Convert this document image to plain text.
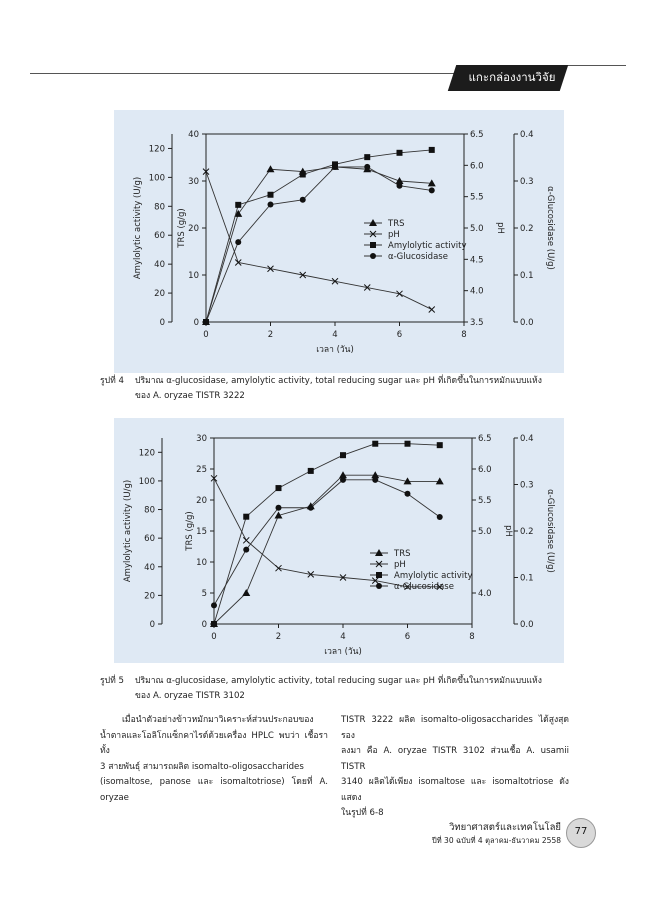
แกะกล่องงานวิจัย
0	2	4	6	8
เวลา (วัน)
0
20
40
60
80
100
120
Amylolytic activity (U/g)
0
10
20
30
40
TRS (g/g)
3.5
4.0
4.5
5.0
5.5
6.0
6.5
pH
0.0
0.1
0.2
0.3
0.4
α-Glucosidase (U/g)
TRS
pH
Amylolytic activity
α-Glucosidase
รูปที่ 4 ปริมาณ α-glucosidase, amylolytic activity, total reducing sugar และ pH ที่เกิดขึ้นในการหมักแบบแห้ง
ของ A. oryzae TISTR 3222
0	2	4	6	8
เวลา (วัน)
0
20
40
60
80
100
120
Amylolytic activity (U/g)
0
5
10
15
20
25
30
TRS (g/g)
4.0
5.0
5.5
6.0
6.5
pH
0.0
0.1
0.2
0.3
0.4
α-Glucosidase (U/g)
TRS
pH
Amylolytic activity
α-Glucosidase
รูปที่ 5 ปริมาณ α-glucosidase, amylolytic activity, total reducing sugar และ pH ที่เกิดขึ้นในการหมักแบบแห้ง
ของ A. oryzae TISTR 3102
เมื่อนำตัวอย่างข้าวหมักมาวิเคราะห์ส่วนประกอบของ
น้ำตาลและโอลิโกแซ็กคาไรด์ด้วยเครื่อง HPLC พบว่า เชื้อราทั้ง
3 สายพันธุ์ สามารถผลิต isomalto-oligosaccharides
(isomaltose, panose และ isomaltotriose) โดยที่ A. oryzae
TISTR 3222 ผลิต isomalto-oligosaccharides ได้สูงสุด รอง
ลงมา คือ A. oryzae TISTR 3102 ส่วนเชื้อ A. usamii TISTR
3140 ผลิตได้เพียง isomaltose และ isomaltotriose ดังแสดง
ในรูปที่ 6-8
วิทยาศาสตร์และเทคโนโลยี
ปีที่ 30 ฉบับที่ 4 ตุลาคม-ธันวาคม 2558
77
